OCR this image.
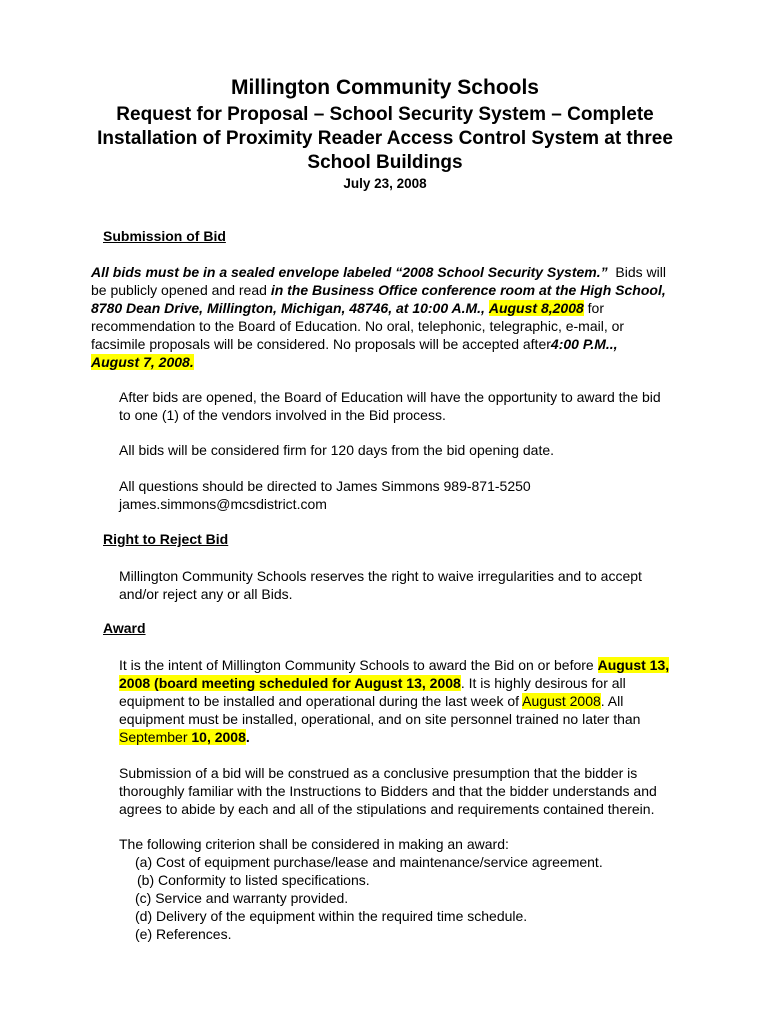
Millington Community Schools
Request for Proposal – School Security System – Complete
Installation of Proximity Reader Access Control System at three
School Buildings
July 23, 2008
Submission of Bid
All bids must be in a sealed envelope labeled “2008 School Security System.” Bids will
be publicly opened and read in the Business Office conference room at the High School,
8780 Dean Drive, Millington, Michigan, 48746, at 10:00 A.M., August 8,2008 for
recommendation to the Board of Education. No oral, telephonic, telegraphic, e-mail, or
facsimile proposals will be considered. No proposals will be accepted after4:00 P.M..,
August 7, 2008.
After bids are opened, the Board of Education will have the opportunity to award the bid
to one (1) of the vendors involved in the Bid process.
All bids will be considered firm for 120 days from the bid opening date.
All questions should be directed to James Simmons 989-871-5250
james.simmons@mcsdistrict.com
Right to Reject Bid
Millington Community Schools reserves the right to waive irregularities and to accept
and/or reject any or all Bids.
Award
It is the intent of Millington Community Schools to award the Bid on or before August 13,
2008 (board meeting scheduled for August 13, 2008. It is highly desirous for all
equipment to be installed and operational during the last week of August 2008. All
equipment must be installed, operational, and on site personnel trained no later than
September 10, 2008.
Submission of a bid will be construed as a conclusive presumption that the bidder is
thoroughly familiar with the Instructions to Bidders and that the bidder understands and
agrees to abide by each and all of the stipulations and requirements contained therein.
The following criterion shall be considered in making an award:
(a) Cost of equipment purchase/lease and maintenance/service agreement.
(b) Conformity to listed specifications.
(c) Service and warranty provided.
(d) Delivery of the equipment within the required time schedule.
(e) References.
